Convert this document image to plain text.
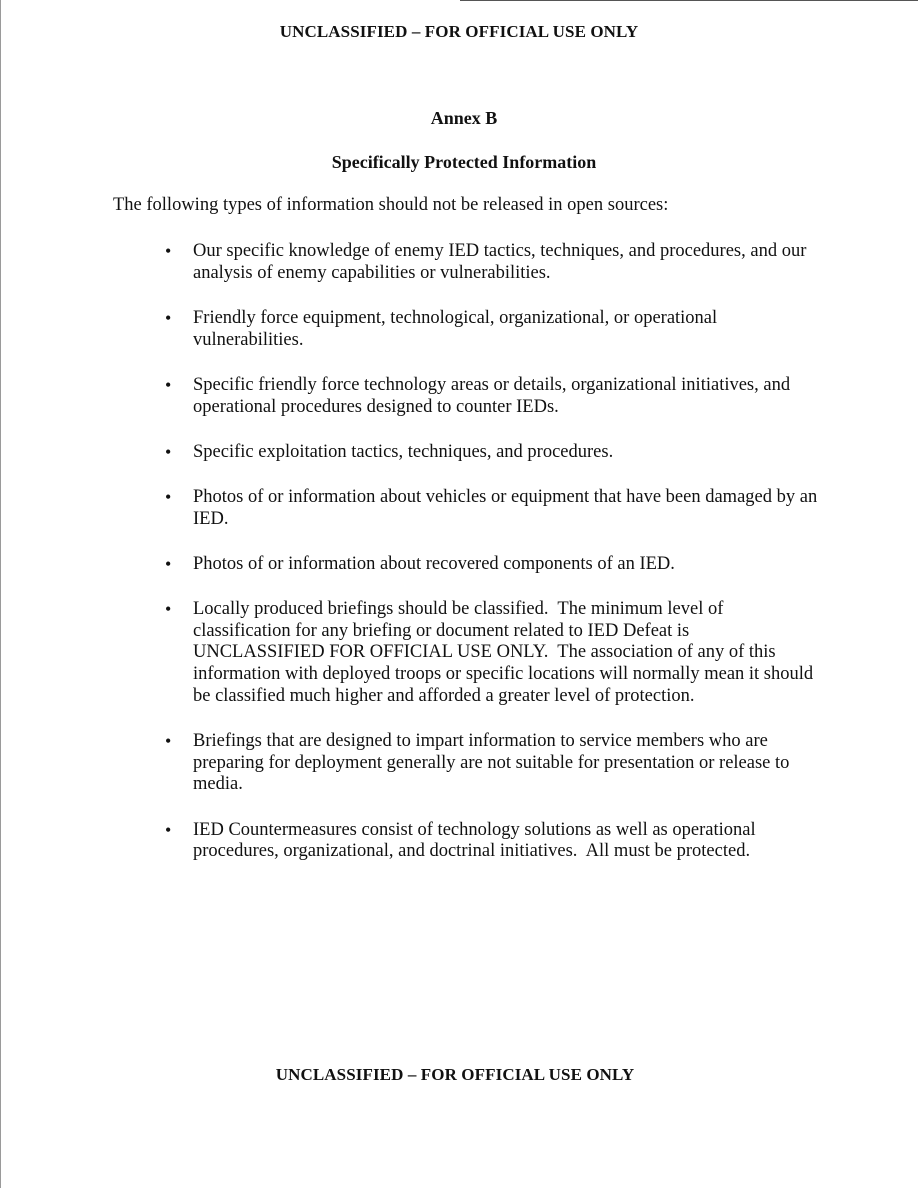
UNCLASSIFIED – FOR OFFICIAL USE ONLY
Annex B
Specifically Protected Information
The following types of information should not be released in open sources:
• Our specific knowledge of enemy IED tactics, techniques, and procedures, and our analysis of enemy capabilities or vulnerabilities.
• Friendly force equipment, technological, organizational, or operational vulnerabilities.
• Specific friendly force technology areas or details, organizational initiatives, and operational procedures designed to counter IEDs.
• Specific exploitation tactics, techniques, and procedures.
• Photos of or information about vehicles or equipment that have been damaged by an IED.
• Photos of or information about recovered components of an IED.
• Locally produced briefings should be classified.  The minimum level of classification for any briefing or document related to IED Defeat is UNCLASSIFIED FOR OFFICIAL USE ONLY.  The association of any of this information with deployed troops or specific locations will normally mean it should be classified much higher and afforded a greater level of protection.
• Briefings that are designed to impart information to service members who are preparing for deployment generally are not suitable for presentation or release to media.
• IED Countermeasures consist of technology solutions as well as operational procedures, organizational, and doctrinal initiatives.  All must be protected.
UNCLASSIFIED – FOR OFFICIAL USE ONLY
